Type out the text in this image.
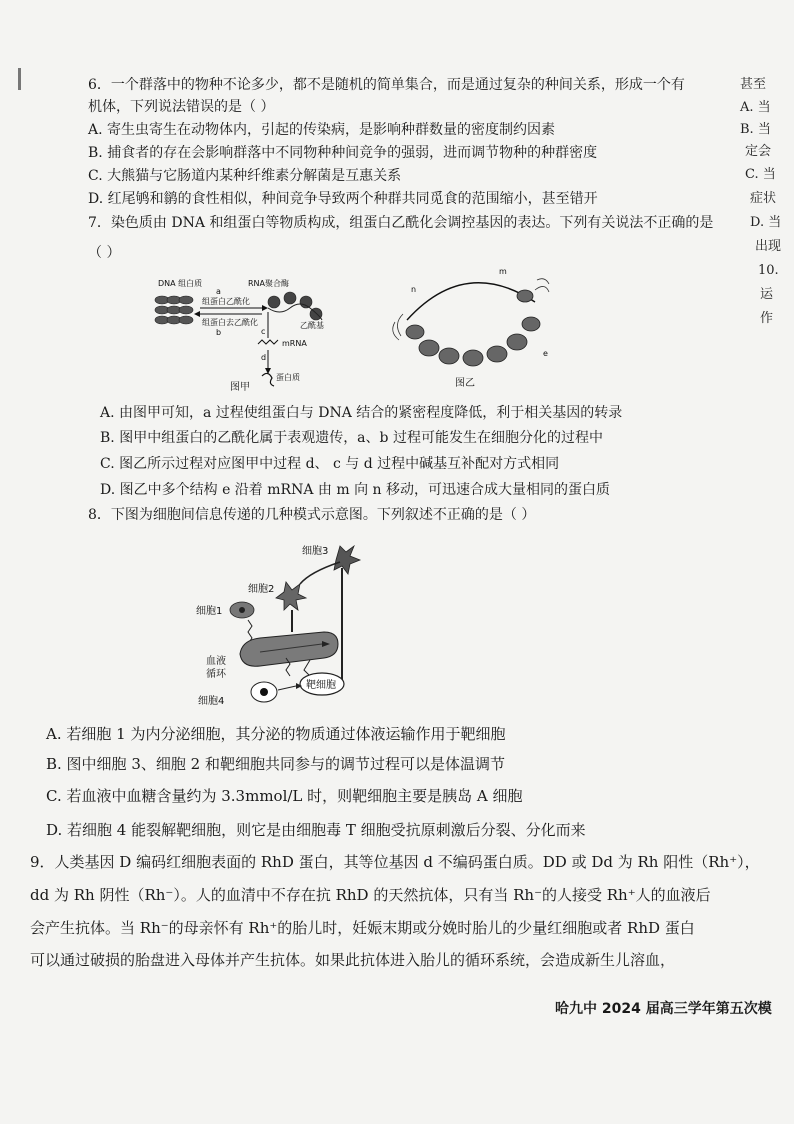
6．一个群落中的物种不论多少，都不是随机的简单集合，而是通过复杂的种间关系，形成一个有
机体，下列说法错误的是（ ）
A. 寄生虫寄生在动物体内，引起的传染病，是影响种群数量的密度制约因素
B. 捕食者的存在会影响群落中不同物种种间竞争的强弱，进而调节物种的种群密度
C. 大熊猫与它肠道内某种纤维素分解菌是互惠关系
D. 红尾鸲和鹟的食性相似，种间竞争导致两个种群共同觅食的范围缩小，甚至错开
7．染色质由 DNA 和组蛋白等物质构成，组蛋白乙酰化会调控基因的表达。下列有关说法不正确的是
（ ）
DNA 组白质
a
组蛋白乙酰化
组蛋白去乙酰化
b
RNA聚合酶
乙酰基
c
mRNA
d
蛋白质
图甲
m
n
e
图乙
A. 由图甲可知，a 过程使组蛋白与 DNA 结合的紧密程度降低，利于相关基因的转录
B. 图甲中组蛋白的乙酰化属于表观遗传，a、b 过程可能发生在细胞分化的过程中
C. 图乙所示过程对应图甲中过程 d、 c 与 d 过程中碱基互补配对方式相同
D. 图乙中多个结构 e 沿着 mRNA 由 m 向 n 移动，可迅速合成大量相同的蛋白质
8．下图为细胞间信息传递的几种模式示意图。下列叙述不正确的是（ ）
细胞3
细胞2
细胞1
血液
循环
细胞4
靶细胞
A. 若细胞 1 为内分泌细胞，其分泌的物质通过体液运输作用于靶细胞
B. 图中细胞 3、细胞 2 和靶细胞共同参与的调节过程可以是体温调节
C. 若血液中血糖含量约为 3.3mmol/L 时，则靶细胞主要是胰岛 A 细胞
D. 若细胞 4 能裂解靶细胞，则它是由细胞毒 T 细胞受抗原刺激后分裂、分化而来
9．人类基因 D 编码红细胞表面的 RhD 蛋白，其等位基因 d 不编码蛋白质。DD 或 Dd 为 Rh 阳性（Rh⁺），
dd 为 Rh 阴性（Rh⁻）。人的血清中不存在抗 RhD 的天然抗体，只有当 Rh⁻的人接受 Rh⁺人的血液后
会产生抗体。当 Rh⁻的母亲怀有 Rh⁺的胎儿时，妊娠末期或分娩时胎儿的少量红细胞或者 RhD 蛋白
可以通过破损的胎盘进入母体并产生抗体。如果此抗体进入胎儿的循环系统，会造成新生儿溶血，
甚至
A. 当
B. 当
定会
C. 当
症状
D. 当
出现
10.
运
作
哈九中 2024 届高三学年第五次模
